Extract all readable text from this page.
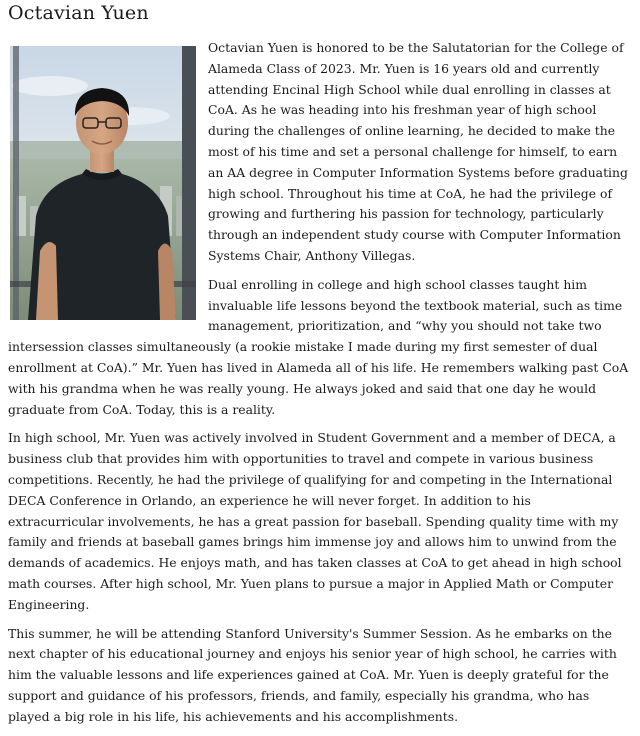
Octavian Yuen

Octavian Yuen is honored to be the Salutatorian for the College of Alameda Class of 2023. Mr. Yuen is 16 years old and currently attending Encinal High School while dual enrolling in classes at CoA. As he was heading into his freshman year of high school during the challenges of online learning, he decided to make the most of his time and set a personal challenge for himself, to earn an AA degree in Computer Information Systems before graduating high school. Throughout his time at CoA, he had the privilege of growing and furthering his passion for technology, particularly through an independent study course with Computer Information Systems Chair, Anthony Villegas.

Dual enrolling in college and high school classes taught him invaluable life lessons beyond the textbook material, such as time management, prioritization, and “why you should not take two intersession classes simultaneously (a rookie mistake I made during my first semester of dual enrollment at CoA).” Mr. Yuen has lived in Alameda all of his life. He remembers walking past CoA with his grandma when he was really young. He always joked and said that one day he would graduate from CoA. Today, this is a reality.

In high school, Mr. Yuen was actively involved in Student Government and a member of DECA, a business club that provides him with opportunities to travel and compete in various business competitions. Recently, he had the privilege of qualifying for and competing in the International DECA Conference in Orlando, an experience he will never forget. In addition to his extracurricular involvements, he has a great passion for baseball. Spending quality time with my family and friends at baseball games brings him immense joy and allows him to unwind from the demands of academics. He enjoys math, and has taken classes at CoA to get ahead in high school math courses. After high school, Mr. Yuen plans to pursue a major in Applied Math or Computer Engineering.

This summer, he will be attending Stanford University's Summer Session. As he embarks on the next chapter of his educational journey and enjoys his senior year of high school, he carries with him the valuable lessons and life experiences gained at CoA. Mr. Yuen is deeply grateful for the support and guidance of his professors, friends, and family, especially his grandma, who has played a big role in his life, his achievements and his accomplishments.
